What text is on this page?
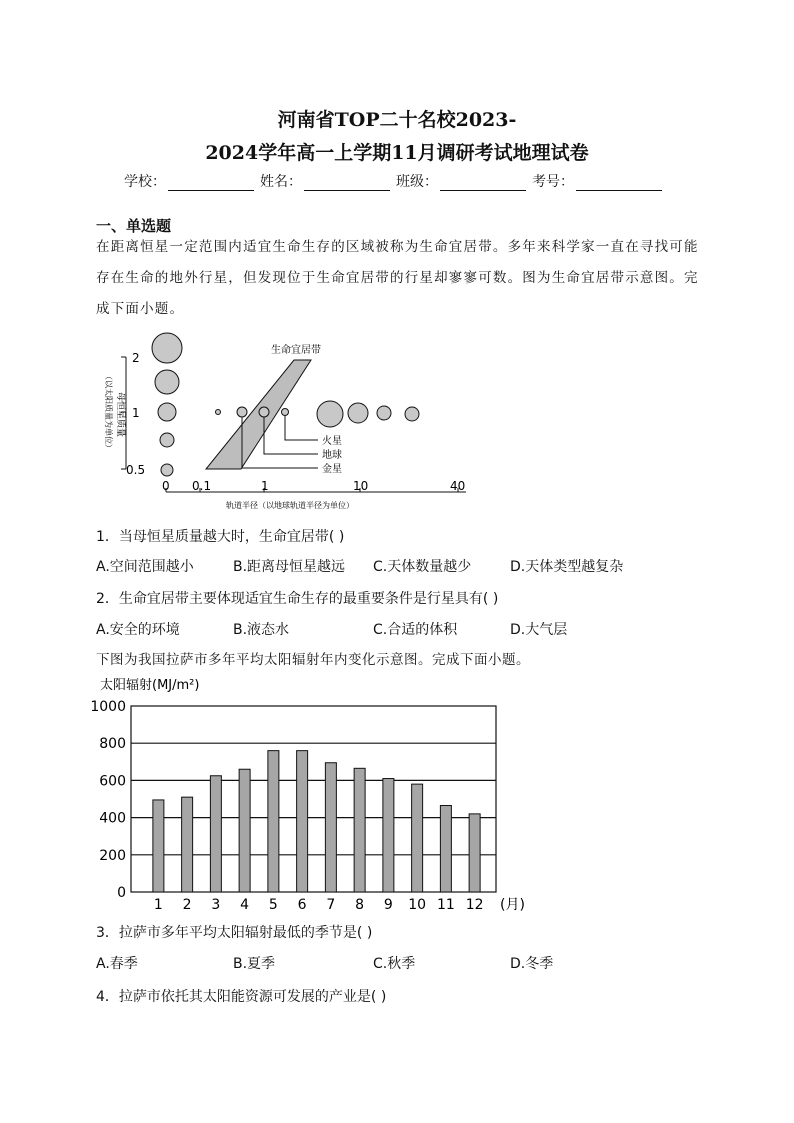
河南省TOP二十名校2023-
2024学年高一上学期11月调研考试地理试卷
学校：	姓名：	班级：	考号：
一、单选题
在距离恒星一定范围内适宜生命生存的区域被称为生命宜居带。多年来科学家一直在寻找可能存在生命的地外行星，但发现位于生命宜居带的行星却寥寥可数。图为生命宜居带示意图。完成下面小题。
2
1
0.5
（以太阳质量为单位） 母恒星质量
生命宜居带
火星
地球
金星
0 0.1	1	10	40
轨道半径（以地球轨道半径为单位）
1．当母恒星质量越大时，生命宜居带( )
A.空间范围越小	B.距离母恒星越远 C.天体数量越少	D.天体类型越复杂
2．生命宜居带主要体现适宜生命生存的最重要条件是行星具有( )
A.安全的环境	B.液态水	C.合适的体积	D.大气层
下图为我国拉萨市多年平均太阳辐射年内变化示意图。完成下面小题。
太阳辐射(MJ/m²)
0
200
400
600
800
1000
1 2 3 4 5 6 7 8 9 10 11 12 (月)
3．拉萨市多年平均太阳辐射最低的季节是( )
A.春季	B.夏季	C.秋季	D.冬季
4．拉萨市依托其太阳能资源可发展的产业是( )
